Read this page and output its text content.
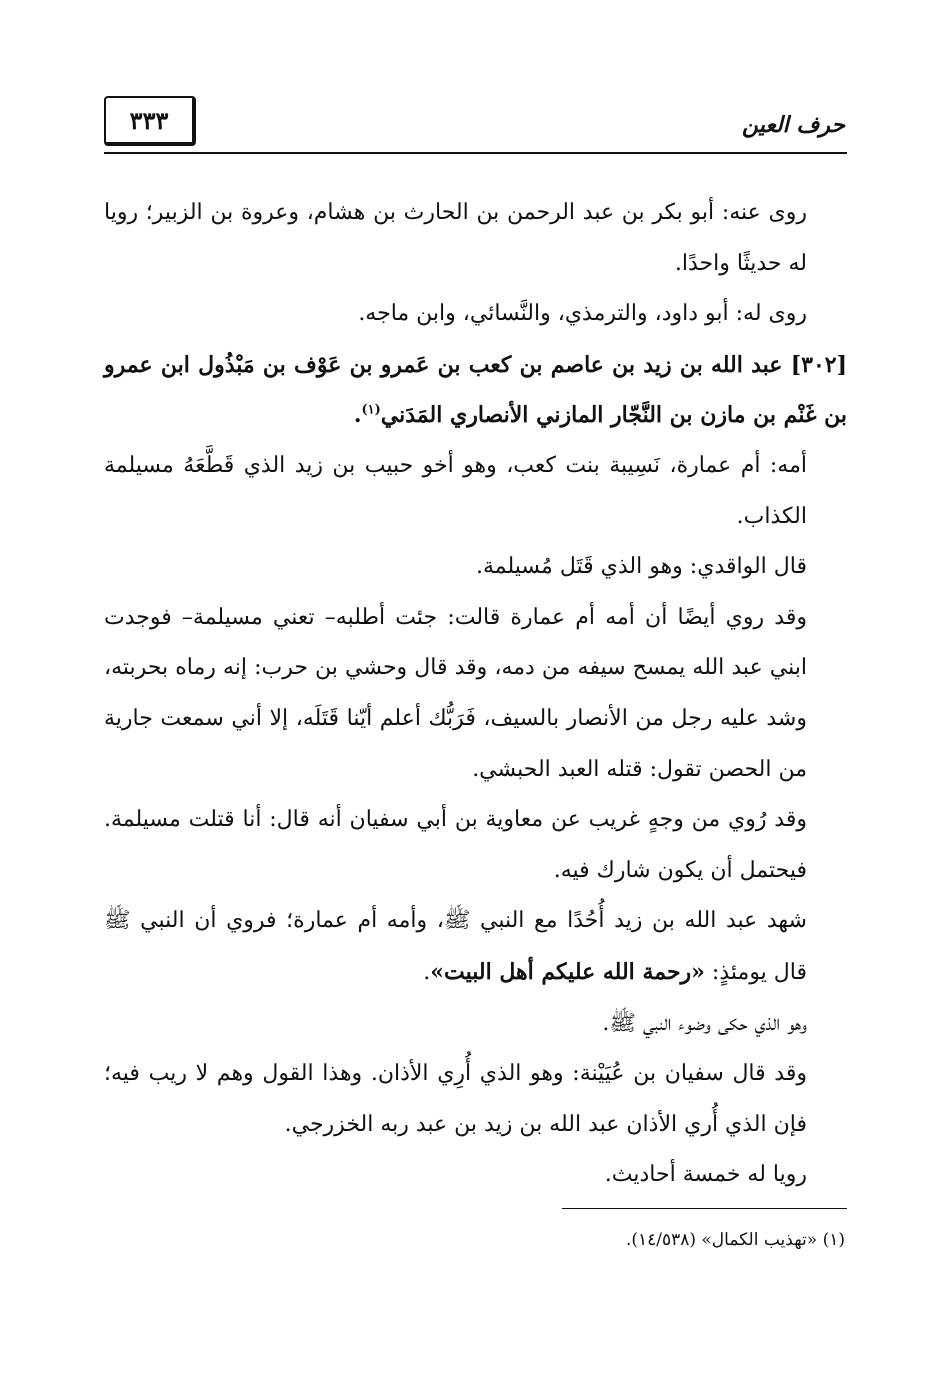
٣٣٣	حرف العين

روى عنه: أبو بكر بن عبد الرحمن بن الحارث بن هشام، وعروة بن الزبير؛ رويا له حديثًا واحدًا.

روى له: أبو داود، والترمذي، والنَّسائي، وابن ماجه.

[٣٠٢] عبد الله بن زيد بن عاصم بن كعب بن عَمرو بن عَوْف بن مَبْذُول ابن عمرو بن غَنْم بن مازن بن النَّجّار المازني الأنصاري المَدَني$^{(١)}$.

أمه: أم عمارة، نَسِيبة بنت كعب، وهو أخو حبيب بن زيد الذي قَطَّعَهُ مسيلمة الكذاب.

قال الواقدي: وهو الذي قَتَل مُسيلمة.

وقد روي أيضًا أن أمه أم عمارة قالت: جئت أطلبه– تعني مسيلمة– فوجدت ابني عبد الله يمسح سيفه من دمه، وقد قال وحشي بن حرب: إنه رماه بحربته، وشد عليه رجل من الأنصار بالسيف، فَرَبُّك أعلم أيّنا قَتَلَه، إلا أني سمعت جارية من الحصن تقول: قتله العبد الحبشي.

وقد رُوي من وجهٍ غريب عن معاوية بن أبي سفيان أنه قال: أنا قتلت مسيلمة. فيحتمل أن يكون شارك فيه.

شهد عبد الله بن زيد أُحُدًا مع النبي ﷺ، وأمه أم عمارة؛ فروي أن النبي ﷺ قال يومئذٍ: «رحمة الله عليكم أهل البيت».

وهو الذي حكى وضوء النبي ﷺ.

وقد قال سفيان بن عُيَيْنة: وهو الذي أُرِي الأذان. وهذا القول وهم لا ريب فيه؛ فإن الذي أُري الأذان عبد الله بن زيد بن عبد ربه الخزرجي.

رويا له خمسة أحاديث.

(١) «تهذيب الكمال» (١٤/٥٣٨).
